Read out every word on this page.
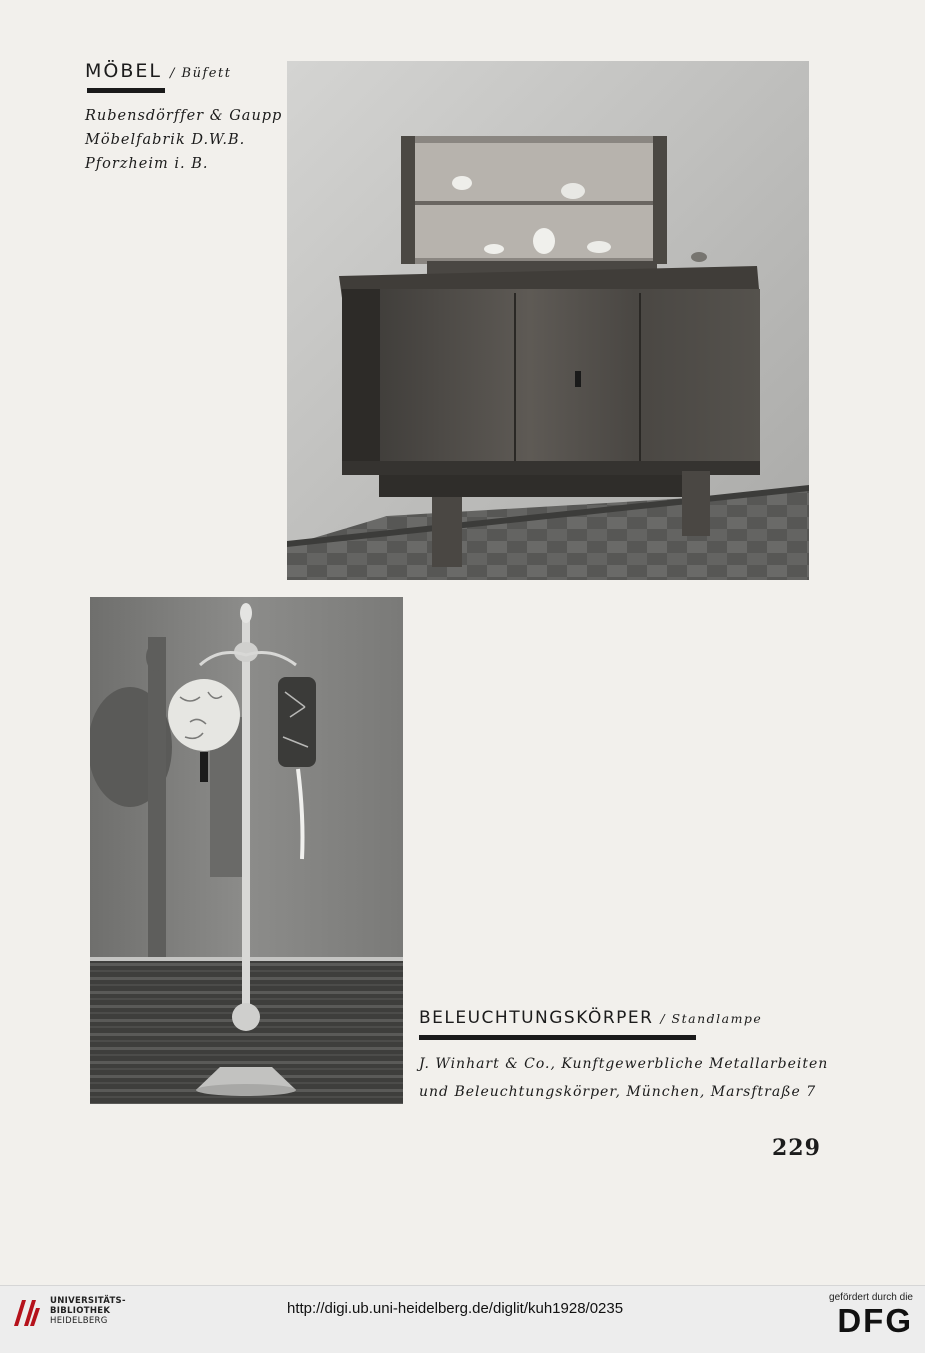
MÖBEL / Büfett
Rubensdörffer & Gaupp
Möbelfabrik D.W.B.
Pforzheim i. B.
BELEUCHTUNGSKÖRPER / Standlampe
J. Winhart & Co., Kunftgewerbliche Metallarbeiten
und Beleuchtungskörper, München, Marsftraße 7
229
UNIVERSITÄTS-
BIBLIOTHEK
HEIDELBERG
http://digi.ub.uni-heidelberg.de/diglit/kuh1928/0235
gefördert durch die
DFG
